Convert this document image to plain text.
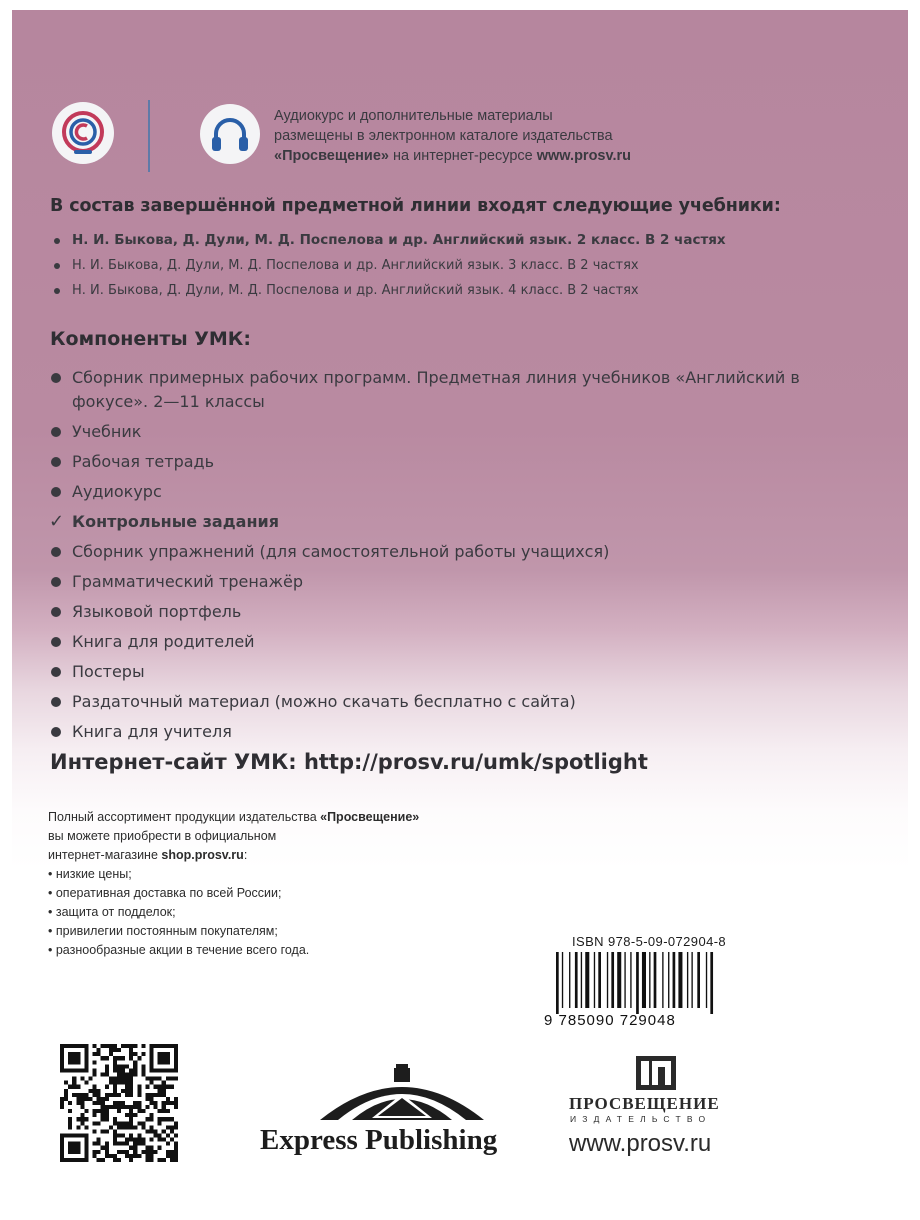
Аудиокурс и дополнительные материалы
размещены в электронном каталоге издательства
«Просвещение» на интернет-ресурсе www.prosv.ru
В состав завершённой предметной линии входят следующие учебники:
Н. И. Быкова, Д. Дули, М. Д. Поспелова и др. Английский язык. 2 класс. В 2 частях
Н. И. Быкова, Д. Дули, М. Д. Поспелова и др. Английский язык. 3 класс. В 2 частях
Н. И. Быкова, Д. Дули, М. Д. Поспелова и др. Английский язык. 4 класс. В 2 частях
Компоненты УМК:
Сборник примерных рабочих программ. Предметная линия учебников «Английский в фокусе». 2—11 классы
Учебник
Рабочая тетрадь
Аудиокурс
✓ Контрольные задания
Сборник упражнений (для самостоятельной работы учащихся)
Грамматический тренажёр
Языковой портфель
Книга для родителей
Постеры
Раздаточный материал (можно скачать бесплатно с сайта)
Книга для учителя
Интернет-сайт УМК: http://prosv.ru/umk/spotlight
Полный ассортимент продукции издательства «Просвещение»
вы можете приобрести в официальном
интернет-магазине shop.prosv.ru:
• низкие цены;
• оперативная доставка по всей России;
• защита от подделок;
• привилегии постоянным покупателям;
• разнообразные акции в течение всего года.
ISBN 978-5-09-072904-8
9 785090 729048
Express Publishing
ПРОСВЕЩЕНИЕ
ИЗДАТЕЛЬСТВО
www.prosv.ru
